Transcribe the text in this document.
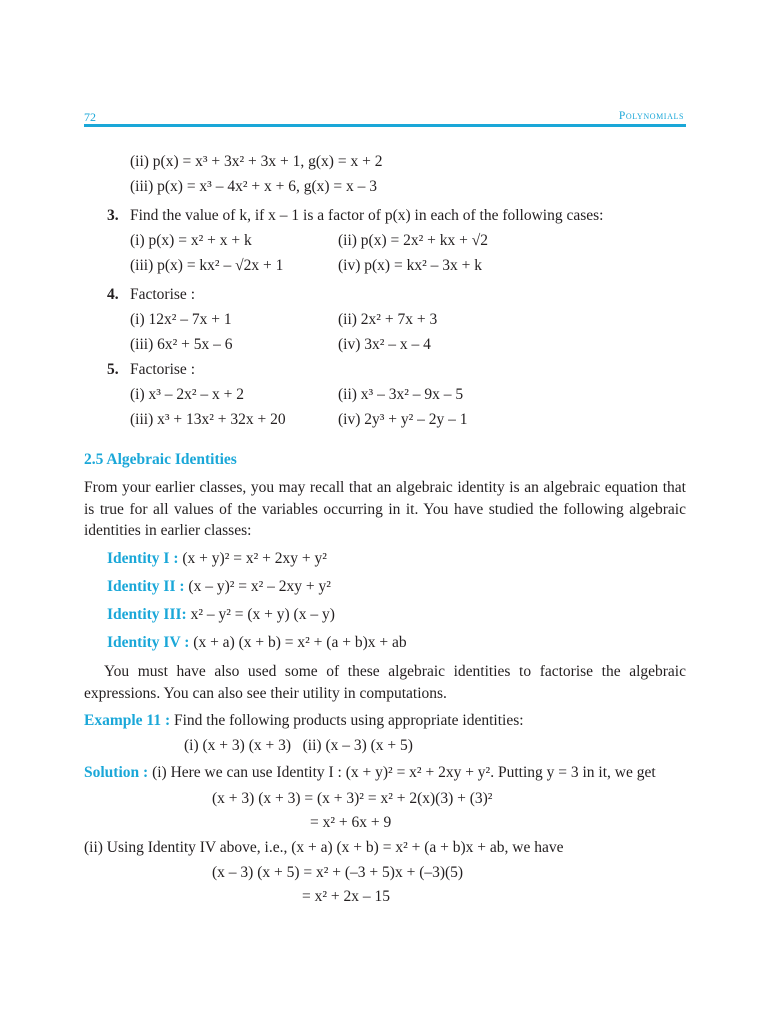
72	Polynomials
(ii) p(x) = x³ + 3x² + 3x + 1, g(x) = x + 2
(iii) p(x) = x³ – 4x² + x + 6, g(x) = x – 3
3. Find the value of k, if x – 1 is a factor of p(x) in each of the following cases:
(i) p(x) = x² + x + k	(ii) p(x) = 2x² + kx + √2
(iii) p(x) = kx² – √2x + 1	(iv) p(x) = kx² – 3x + k
4. Factorise :
(i) 12x² – 7x + 1	(ii) 2x² + 7x + 3
(iii) 6x² + 5x – 6	(iv) 3x² – x – 4
5. Factorise :
(i) x³ – 2x² – x + 2	(ii) x³ – 3x² – 9x – 5
(iii) x³ + 13x² + 32x + 20	(iv) 2y³ + y² – 2y – 1
2.5 Algebraic Identities
From your earlier classes, you may recall that an algebraic identity is an algebraic equation that is true for all values of the variables occurring in it. You have studied the following algebraic identities in earlier classes:
Identity I : (x + y)² = x² + 2xy + y²
Identity II : (x – y)² = x² – 2xy + y²
Identity III: x² – y² = (x + y) (x – y)
Identity IV : (x + a) (x + b) = x² + (a + b)x + ab
You must have also used some of these algebraic identities to factorise the algebraic expressions. You can also see their utility in computations.
Example 11 : Find the following products using appropriate identities:
(i) (x + 3) (x + 3)   (ii) (x – 3) (x + 5)
Solution : (i) Here we can use Identity I : (x + y)² = x² + 2xy + y². Putting y = 3 in it, we get
(x + 3) (x + 3) = (x + 3)² = x² + 2(x)(3) + (3)²
= x² + 6x + 9
(ii) Using Identity IV above, i.e., (x + a) (x + b) = x² + (a + b)x + ab, we have
(x – 3) (x + 5) = x² + (–3 + 5)x + (–3)(5)
= x² + 2x – 15
